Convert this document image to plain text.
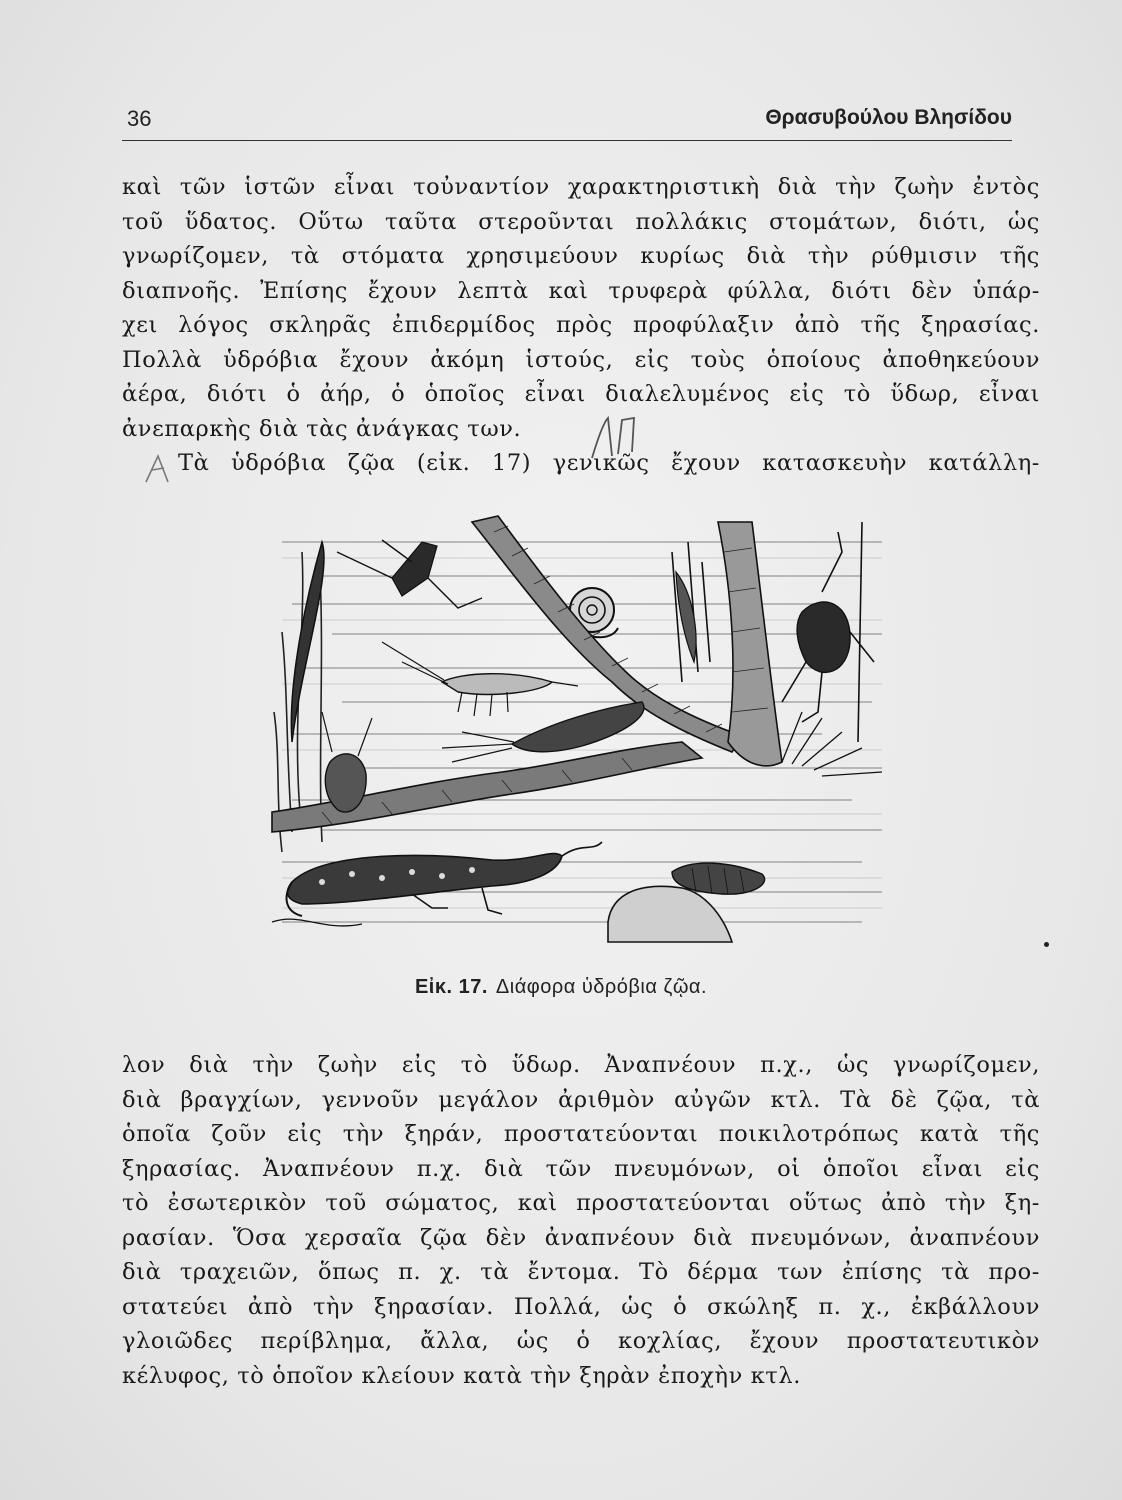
36	Θρασυβούλου Βλησίδου
καὶ τῶν ἱστῶν εἶναι τοὐναντίον χαρακτηριστικὴ διὰ τὴν ζωὴν ἐντὸς
τοῦ ὕδατος. Οὕτω ταῦτα στεροῦνται πολλάκις στομάτων, διότι, ὡς
γνωρίζομεν, τὰ στόματα χρησιμεύουν κυρίως διὰ τὴν ρύθμισιν τῆς
διαπνοῆς. Ἐπίσης ἔχουν λεπτὰ καὶ τρυφερὰ φύλλα, διότι δὲν ὑπάρ-
χει λόγος σκληρᾶς ἐπιδερμίδος πρὸς προφύλαξιν ἀπὸ τῆς ξηρασίας.
Πολλὰ ὑδρόβια ἔχουν ἀκόμη ἱστούς, εἰς τοὺς ὁποίους ἀποθηκεύουν
ἀέρα, διότι ὁ ἀήρ, ὁ ὁποῖος εἶναι διαλελυμένος εἰς τὸ ὕδωρ, εἶναι
ἀνεπαρκὴς διὰ τὰς ἀνάγκας των.
Τὰ ὑδρόβια ζῷα (εἰκ. 17) γενικῶς ἔχουν κατασκευὴν κατάλλη-
Εἰκ. 17. Διάφορα ὑδρόβια ζῷα.
λον διὰ τὴν ζωὴν εἰς τὸ ὕδωρ. Ἀναπνέουν π.χ., ὡς γνωρίζομεν,
διὰ βραγχίων, γεννοῦν μεγάλον ἀριθμὸν αὐγῶν κτλ. Τὰ δὲ ζῷα, τὰ
ὁποῖα ζοῦν εἰς τὴν ξηράν, προστατεύονται ποικιλοτρόπως κατὰ τῆς
ξηρασίας. Ἀναπνέουν π.χ. διὰ τῶν πνευμόνων, οἱ ὁποῖοι εἶναι εἰς
τὸ ἐσωτερικὸν τοῦ σώματος, καὶ προστατεύονται οὕτως ἀπὸ τὴν ξη-
ρασίαν. Ὅσα χερσαῖα ζῷα δὲν ἀναπνέουν διὰ πνευμόνων, ἀναπνέουν
διὰ τραχειῶν, ὅπως π. χ. τὰ ἔντομα. Τὸ δέρμα των ἐπίσης τὰ προ-
στατεύει ἀπὸ τὴν ξηρασίαν. Πολλά, ὡς ὁ σκώληξ π. χ., ἐκβάλλουν
γλοιῶδες περίβλημα, ἄλλα, ὡς ὁ κοχλίας, ἔχουν προστατευτικὸν
κέλυφος, τὸ ὁποῖον κλείουν κατὰ τὴν ξηρὰν ἐποχὴν κτλ.
